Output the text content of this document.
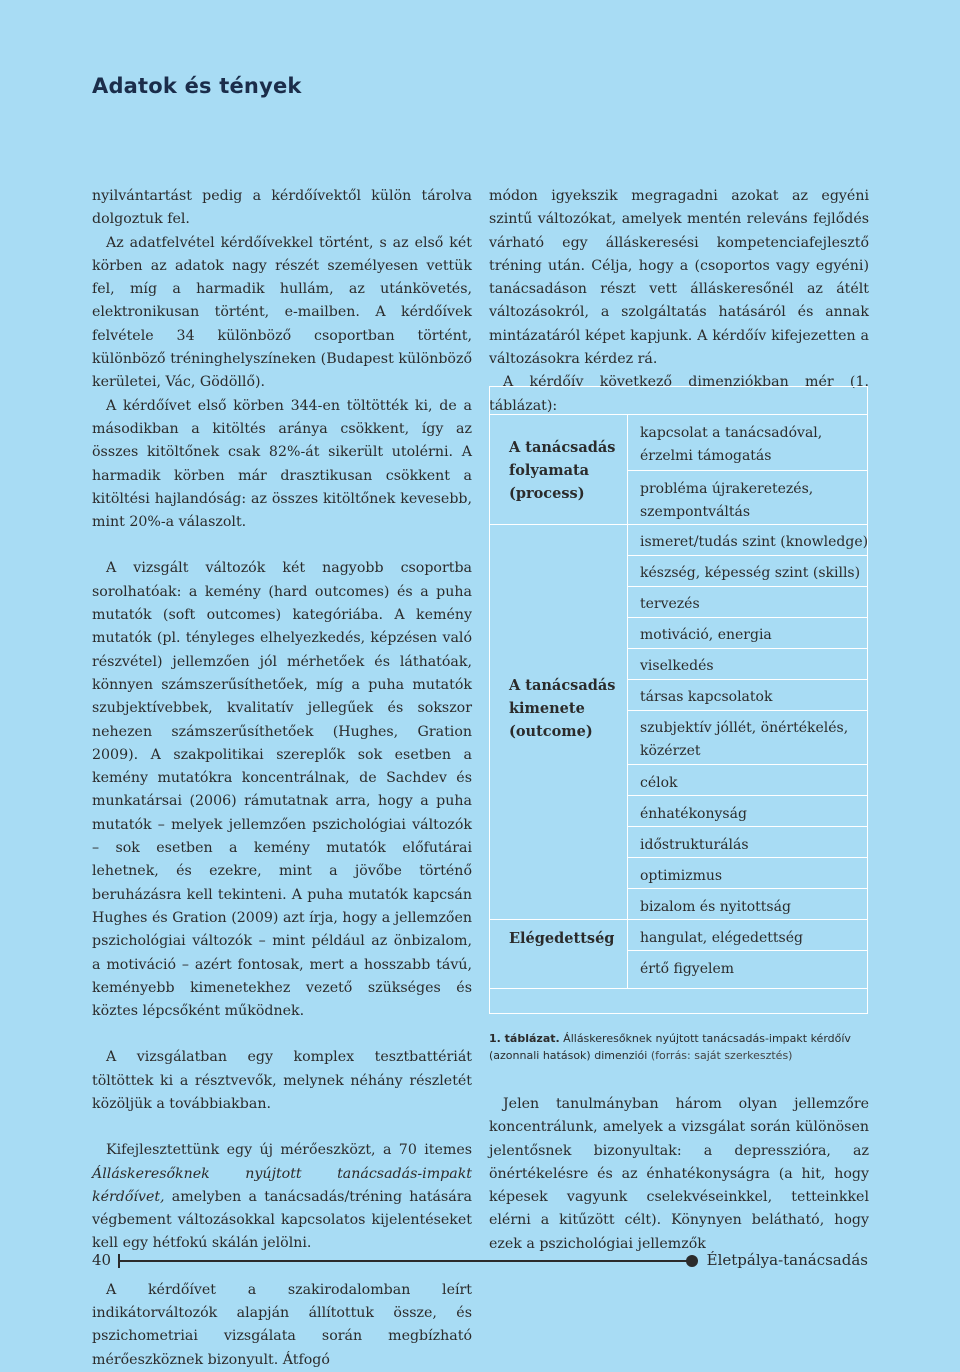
Adatok és tények

nyilvántartást pedig a kérdőívektől külön tárolva dolgoztuk fel.

Az adatfelvétel kérdőívekkel történt, s az első két körben az adatok nagy részét személyesen vettük fel, míg a harmadik hullám, az utánkövetés, elektronikusan történt, e-mailben. A kérdőívek felvétele 34 különböző csoportban történt, különböző tréninghelyszíneken (Budapest különböző kerületei, Vác, Gödöllő).

A kérdőívet első körben 344-en töltötték ki, de a másodikban a kitöltés aránya csökkent, így az összes kitöltőnek csak 82%-át sikerült utolérni. A harmadik körben már drasztikusan csökkent a kitöltési hajlandóság: az összes kitöltőnek kevesebb, mint 20%-a válaszolt.

A vizsgált változók két nagyobb csoportba sorolhatóak: a kemény (hard outcomes) és a puha mutatók (soft outcomes) kategóriába. A kemény mutatók (pl. tényleges elhelyezkedés, képzésen való részvétel) jellemzően jól mérhetőek és láthatóak, könnyen számszerűsíthetőek, míg a puha mutatók szubjektívebbek, kvalitatív jellegűek és sokszor nehezen számszerűsíthetőek (Hughes, Gration 2009). A szakpolitikai szereplők sok esetben a kemény mutatókra koncentrálnak, de Sachdev és munkatársai (2006) rámutatnak arra, hogy a puha mutatók – melyek jellemzően pszichológiai változók – sok esetben a kemény mutatók előfutárai lehetnek, és ezekre, mint a jövőbe történő beruházásra kell tekinteni. A puha mutatók kapcsán Hughes és Gration (2009) azt írja, hogy a jellemzően pszichológiai változók – mint például az önbizalom, a motiváció – azért fontosak, mert a hosszabb távú, keményebb kimenetekhez vezető szükséges és köztes lépcsőként működnek.

A vizsgálatban egy komplex tesztbattériát töltöttek ki a résztvevők, melynek néhány részletét közöljük a továbbiakban.

Kifejlesztettünk egy új mérőeszközt, a 70 itemes Álláskeresőknek nyújtott tanácsadás-impakt kérdőívet, amelyben a tanácsadás/tréning hatására végbement változásokkal kapcsolatos kijelentéseket kell egy hétfokú skálán jelölni.

A kérdőívet a szakirodalomban leírt indikátorváltozók alapján állítottuk össze, és pszichometriai vizsgálata során megbízható mérőeszköznek bizonyult. Átfogó

módon igyekszik megragadni azokat az egyéni szintű változókat, amelyek mentén releváns fejlődés várható egy álláskeresési kompetenciafejlesztő tréning után. Célja, hogy a (csoportos vagy egyéni) tanácsadáson részt vett álláskeresőnél az átélt változásokról, a szolgáltatás hatásáról és annak mintázatáról képet kapjunk. A kérdőív kifejezetten a változásokra kérdez rá.

A kérdőív következő dimenziókban mér (1. táblázat):

A tanácsadás
folyamata
(process)
A tanácsadás
kimenete
(outcome)
Elégedettség
kapcsolat a tanácsadóval,
érzelmi támogatás
probléma újrakeretezés,
szempontváltás
ismeret/tudás szint (knowledge)
készség, képesség szint (skills)
tervezés
motiváció, energia
viselkedés
társas kapcsolatok
szubjektív jóllét, önértékelés,
közérzet
célok
énhatékonyság
időstrukturálás
optimizmus
bizalom és nyitottság
hangulat, elégedettség
értő figyelem
1. táblázat. Álláskeresőknek nyújtott tanácsadás-impakt kérdőív (azonnali hatások) dimenziói (forrás: saját szerkesztés)

Jelen tanulmányban három olyan jellemzőre koncentrálunk, amelyek a vizsgálat során különösen jelentősnek bizonyultak: a depresszióra, az önértékelésre és az énhatékonyságra (a hit, hogy képesek vagyunk cselekvéseinkkel, tetteinkkel elérni a kitűzött célt). Könynyen belátható, hogy ezek a pszichológiai jellemzők

40	Életpálya-tanácsadás
